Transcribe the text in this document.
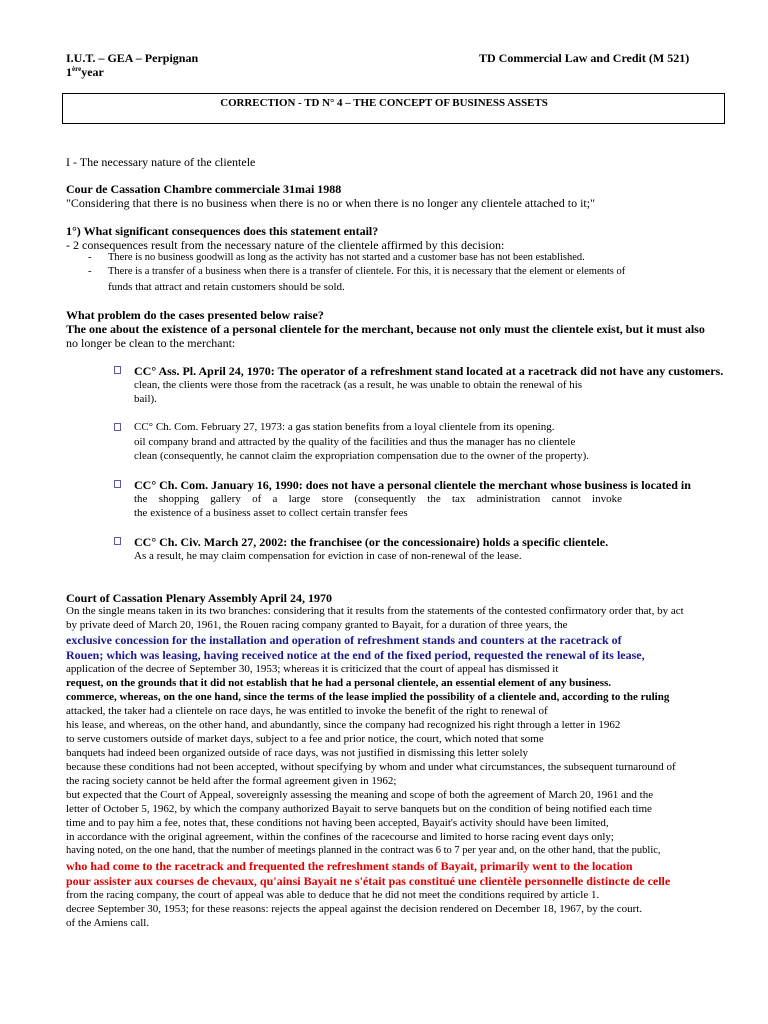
I.U.T. – GEA – Perpignan
1èreyear
TD Commercial Law and Credit (M 521)
CORRECTION - TD N° 4 – THE CONCEPT OF BUSINESS ASSETS
I - The necessary nature of the clientele
Cour de Cassation Chambre commerciale 31mai 1988
"Considering that there is no business when there is no or when there is no longer any clientele attached to it;"
1°) What significant consequences does this statement entail?
- 2 consequences result from the necessary nature of the clientele affirmed by this decision:
- There is no business goodwill as long as the activity has not started and a customer base has not been established.
- There is a transfer of a business when there is a transfer of clientele. For this, it is necessary that the element or elements of
funds that attract and retain customers should be sold.
What problem do the cases presented below raise?
The one about the existence of a personal clientele for the merchant, because not only must the clientele exist, but it must also
no longer be clean to the merchant:
CC° Ass. Pl. April 24, 1970: The operator of a refreshment stand located at a racetrack did not have any customers.
clean, the clients were those from the racetrack (as a result, he was unable to obtain the renewal of his
bail).
CC° Ch. Com. February 27, 1973: a gas station benefits from a loyal clientele from its opening.
oil company brand and attracted by the quality of the facilities and thus the manager has no clientele
clean (consequently, he cannot claim the expropriation compensation due to the owner of the property).
CC° Ch. Com. January 16, 1990: does not have a personal clientele the merchant whose business is located in
the shopping gallery of a large store (consequently the tax administration cannot invoke
the existence of a business asset to collect certain transfer fees
CC° Ch. Civ. March 27, 2002: the franchisee (or the concessionaire) holds a specific clientele.
As a result, he may claim compensation for eviction in case of non-renewal of the lease.
Court of Cassation Plenary Assembly April 24, 1970
On the single means taken in its two branches: considering that it results from the statements of the contested confirmatory order that, by act
by private deed of March 20, 1961, the Rouen racing company granted to Bayait, for a duration of three years, the
exclusive concession for the installation and operation of refreshment stands and counters at the racetrack of
Rouen; which was leasing, having received notice at the end of the fixed period, requested the renewal of its lease,
application of the decree of September 30, 1953; whereas it is criticized that the court of appeal has dismissed it
request, on the grounds that it did not establish that he had a personal clientele, an essential element of any business.
commerce, whereas, on the one hand, since the terms of the lease implied the possibility of a clientele and, according to the ruling
attacked, the taker had a clientele on race days, he was entitled to invoke the benefit of the right to renewal of
his lease, and whereas, on the other hand, and abundantly, since the company had recognized his right through a letter in 1962
to serve customers outside of market days, subject to a fee and prior notice, the court, which noted that some
banquets had indeed been organized outside of race days, was not justified in dismissing this letter solely
because these conditions had not been accepted, without specifying by whom and under what circumstances, the subsequent turnaround of
the racing society cannot be held after the formal agreement given in 1962;
but expected that the Court of Appeal, sovereignly assessing the meaning and scope of both the agreement of March 20, 1961 and the
letter of October 5, 1962, by which the company authorized Bayait to serve banquets but on the condition of being notified each time
time and to pay him a fee, notes that, these conditions not having been accepted, Bayait's activity should have been limited,
in accordance with the original agreement, within the confines of the racecourse and limited to horse racing event days only;
having noted, on the one hand, that the number of meetings planned in the contract was 6 to 7 per year and, on the other hand, that the public,
who had come to the racetrack and frequented the refreshment stands of Bayait, primarily went to the location
pour assister aux courses de chevaux, qu'ainsi Bayait ne s'était pas constitué une clientèle personnelle distincte de celle
from the racing company, the court of appeal was able to deduce that he did not meet the conditions required by article 1.
decree September 30, 1953; for these reasons: rejects the appeal against the decision rendered on December 18, 1967, by the court.
of the Amiens call.
